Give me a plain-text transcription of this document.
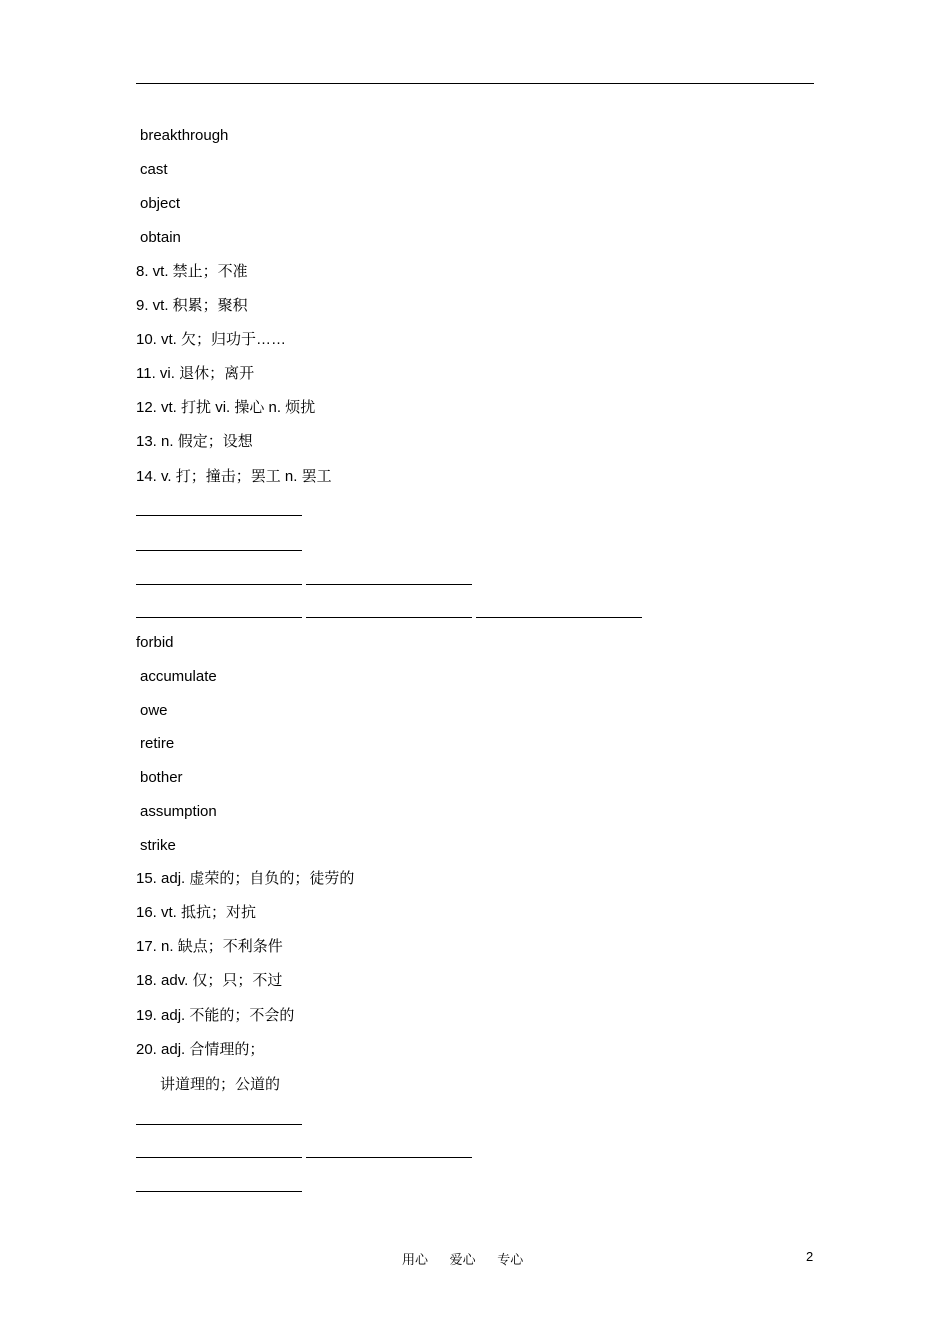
breakthrough
cast
object
obtain
8. vt. 禁止；不准
9. vt. 积累；聚积
10. vt. 欠；归功于……
11. vi. 退休；离开
12. vt. 打扰 vi. 操心 n. 烦扰
13. n. 假定；设想
14. v. 打；撞击；罢工 n. 罢工
forbid
accumulate
owe
retire
bother
assumption
strike
15. adj. 虚荣的；自负的；徒劳的
16. vt. 抵抗；对抗
17. n. 缺点；不利条件
18. adv. 仅；只；不过
19. adj. 不能的；不会的
20. adj. 合情理的；
讲道理的；公道的
用心 爱心 专心	2
